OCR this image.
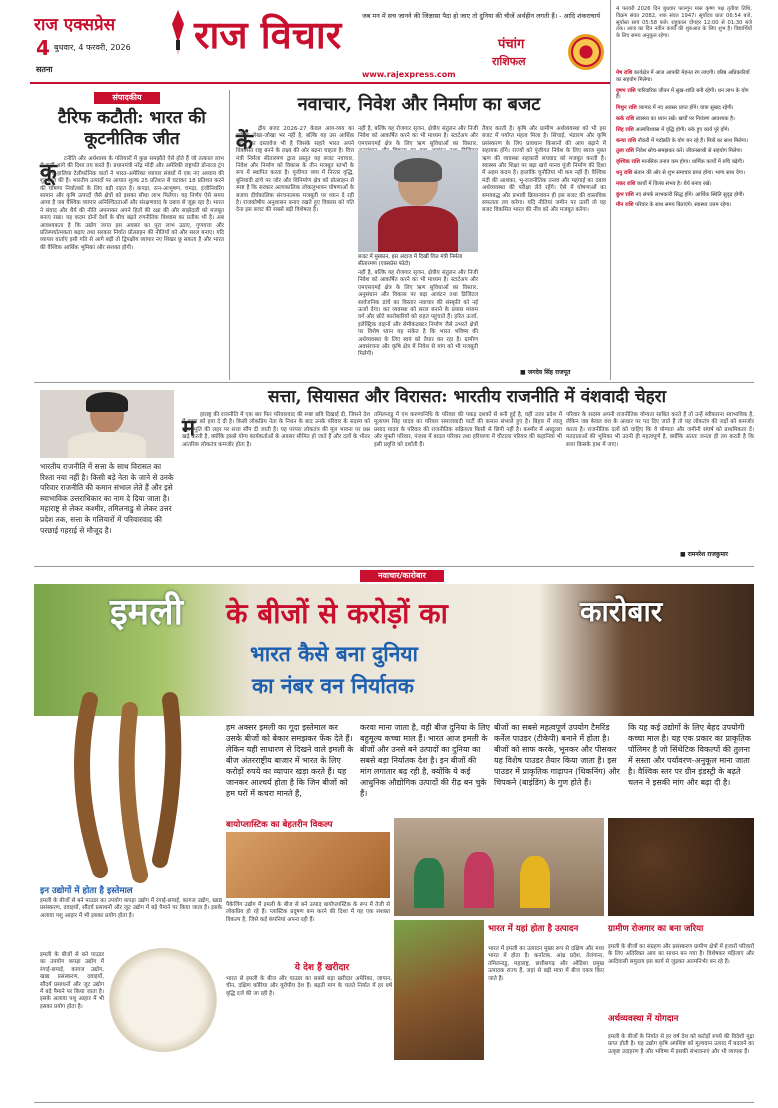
राज एक्सप्रेस
4 बुधवार, 4 फरवरी, 2026
सतना
राज विचार	जब मन में सच जानने की जिज्ञासा पैदा हो जाए तो दुनिया की चीजें अर्थहीन लगती हैं। - आदि शंकराचार्य
www.rajexpress.com
पंचांग
राशिफल
संपादकीय
टैरिफ कटौती: भारत की कूटनीतिक जीत
कू	टनीति और अर्थशास्त्र के गलियारों में कुछ समझौते ऐसे होते हैं जो तत्काल लाभ से कहीं आगे की दिशा तय करते हैं। प्रधानमंत्री नरेंद्र मोदी और अमेरिकी राष्ट्रपति डोनाल्ड ट्रंप के बीच हालिया टेलीफोनिक वार्ता ने भारत-अमेरिका व्यापार संबंधों में एक नए अध्याय की शुरुआत की है। भारतीय उत्पादों पर आयात शुल्क 25 प्रतिशत से घटाकर 18 प्रतिशत करने की घोषणा निर्यातकों के लिए बड़ी राहत है। कपड़ा, रत्न-आभूषण, चमड़ा, इंजीनियरिंग सामान और कृषि उत्पादों जैसे क्षेत्रों को इसका सीधा लाभ मिलेगा। यह निर्णय ऐसे समय आया है जब वैश्विक व्यापार अनिश्चितताओं और संरक्षणवाद के दबाव से जूझ रहा है। भारत ने संवाद और धैर्य की नीति अपनाकर अपने हितों की रक्षा की और साझेदारी को मजबूत बनाए रखा। यह कदम दोनों देशों के बीच बढ़ते रणनीतिक विश्वास का प्रतीक भी है। अब आवश्यकता है कि उद्योग जगत इस अवसर का पूरा लाभ उठाए, गुणवत्ता और प्रतिस्पर्धात्मकता बढ़ाए तथा सरकार निर्यात प्रोत्साहन की नीतियों को और सरल बनाए। यदि व्यापार वार्ताएं इसी गति से आगे बढ़ीं तो द्विपक्षीय व्यापार नए शिखर छू सकता है और भारत की वैश्विक आर्थिक भूमिका और सशक्त होगी।
नवाचार, निवेश और निर्माण का बजट
कें द्रीय बजट 2026-27 केवल आय-व्यय का वार्षिक लेखा-जोखा भर नहीं है, बल्कि यह उस आर्थिक दर्शन का दस्तावेज भी है जिसके सहारे भारत अपने विकसित राष्ट्र बनने के लक्ष्य की ओर बढ़ना चाहता है। वित्त मंत्री निर्मला सीतारमण द्वारा प्रस्तुत यह बजट नवाचार, निवेश और निर्माण को विकास के तीन मजबूत स्तंभों के रूप में स्थापित करता है। पूंजीगत व्यय में निरंतर वृद्धि, बुनियादी ढांचे पर जोर और विनिर्माण क्षेत्र को प्रोत्साहन से स्पष्ट है कि सरकार अल्पकालिक लोकलुभावन घोषणाओं के बजाय दीर्घकालिक संरचनात्मक मजबूती पर ध्यान दे रही है। राजकोषीय अनुशासन बनाए रखते हुए विकास को गति देना इस बजट की सबसे बड़ी विशेषता है।
नहीं है, बल्कि यह रोजगार सृजन, क्षेत्रीय संतुलन और निजी निवेश को आकर्षित करने का भी माध्यम है। स्टार्टअप और एमएसएमई क्षेत्र के लिए ऋण सुविधाओं का विस्तार,
बजट में मुस्कान, इस अंदाज में दिखीं वित्त मंत्री निर्मला सीतारमण (एक्सप्रेस फोटो)
नहीं है, बल्कि यह रोजगार सृजन, क्षेत्रीय संतुलन और निजी निवेश को आकर्षित करने का भी माध्यम है। स्टार्टअप और एमएसएमई क्षेत्र के लिए ऋण सुविधाओं का विस्तार, अनुसंधान और विकास पर बढ़ा आवंटन तथा डिजिटल सार्वजनिक ढांचे का विस्तार नवाचार की संस्कृति को नई ऊर्जा देगा। कर व्यवस्था को सरल बनाने के प्रयास मध्यम वर्ग और छोटे कारोबारियों को राहत पहुंचाते हैं। हरित ऊर्जा, इलेक्ट्रिक वाहनों और सेमीकंडक्टर निर्माण जैसे उभरते क्षेत्रों पर विशेष ध्यान यह संकेत है कि भारत भविष्य की अर्थव्यवस्था के लिए स्वयं को तैयार कर रहा है। ग्रामीण अवसंरचना और कृषि क्षेत्र में निवेश से मांग को भी मजबूती मिलेगी।
तैयार करती है। कृषि और ग्रामीण अर्थव्यवस्था को भी इस बजट में पर्याप्त महत्व मिला है। सिंचाई, भंडारण और कृषि प्रसंस्करण के लिए प्रावधान किसानों की आय बढ़ाने में सहायक होंगे। राज्यों को पूंजीगत निवेश के लिए ब्याज मुक्त ऋण की व्यवस्था सहकारी संघवाद को मजबूत करती है। स्वास्थ्य और शिक्षा पर बढ़ा खर्च मानव पूंजी निर्माण की दिशा में अहम कदम है। हालांकि चुनौतियां भी कम नहीं हैं। वैश्विक मंदी की आशंका, भू-राजनीतिक तनाव और महंगाई का दबाव अर्थव्यवस्था की परीक्षा लेते रहेंगे। ऐसे में घोषणाओं का समयबद्ध और प्रभावी क्रियान्वयन ही इस बजट की वास्तविक सफलता तय करेगा। यदि नीतियां जमीन पर उतरीं तो यह बजट विकसित भारत की नींव को और मजबूत करेगा।
■ जगदेव सिंह राजपूत
4 फरवरी 2026 दिन बुधवार फाल्गुन मास कृष्ण पक्ष तृतीया तिथि, विक्रम संवत 2082, शक संवत 1947। सूर्योदय प्रातः 06:54 बजे, सूर्यास्त सायं 05:58 बजे। राहुकाल दोपहर 12:00 से 01:30 बजे तक। आज का दिन नवीन कार्यों की शुरुआत के लिए शुभ है। विद्यार्थियों के लिए समय अनुकूल रहेगा।
मेष राशि कार्यक्षेत्र में आज आपकी मेहनत रंग लाएगी। वरिष्ठ अधिकारियों का सहयोग मिलेगा।
वृषभ राशि पारिवारिक जीवन में सुख-शांति बनी रहेगी। धन लाभ के योग हैं।
मिथुन राशि व्यापार में नए अवसर प्राप्त होंगे। यात्रा सुखद रहेगी।
कर्क राशि स्वास्थ्य का ध्यान रखें। खर्चों पर नियंत्रण आवश्यक है।
सिंह राशि आत्मविश्वास में वृद्धि होगी। रुके हुए कार्य पूरे होंगे।
कन्या राशि नौकरी में पदोन्नति के योग बन रहे हैं। मित्रों का साथ मिलेगा।
तुला राशि निवेश सोच-समझकर करें। जीवनसाथी से सहयोग मिलेगा।
वृश्चिक राशि मानसिक तनाव कम होगा। धार्मिक कार्यों में रुचि बढ़ेगी।
धनु राशि संतान की ओर से शुभ समाचार प्राप्त होगा। भाग्य साथ देगा।
मकर राशि कार्यों में विलंब संभव है। धैर्य बनाए रखें।
कुंभ राशि नए संपर्क लाभकारी सिद्ध होंगे। आर्थिक स्थिति सुदृढ़ होगी।
मीन राशि परिवार के साथ समय बिताएंगे। स्वास्थ्य उत्तम रहेगा।
सत्ता, सियासत और विरासत: भारतीय राजनीति में वंशवादी चेहरा
भारतीय राजनीति में सत्ता के साथ विरासत का रिश्ता नया नहीं है। किसी बड़े नेता के जाने से उनके परिवार राजनीति की कमान संभाल लेते हैं और इसे स्वाभाविक उत्तराधिकार का नाम दे दिया जाता है। महाराष्ट्र से लेकर कश्मीर, तमिलनाडु से लेकर उत्तर प्रदेश तक, सत्ता के गलियारों में परिवारवाद की परछाई गहराई से मौजूद है।
म हाराष्ट्र की राजनीति में एक बार फिर परिवारवाद की स्पष्ट छवि दिखाई दी, जिसने देश में बहस को हवा दे दी है। किसी लोकप्रिय नेता के निधन के बाद उनके परिवार के सदस्य को सहानुभूति की लहर पर सत्ता सौंप दी जाती है। यह परंपरा लोकतंत्र की मूल भावना पर प्रश्न खड़े करती है, क्योंकि इससे योग्य कार्यकर्ताओं के अवसर सीमित हो जाते हैं और दलों के भीतर आंतरिक लोकतंत्र कमजोर होता है।
तमिलनाडु में एम करुणानिधि के परिवार की पकड़ दशकों से बनी हुई है, वहीं उत्तर प्रदेश में मुलायम सिंह यादव का परिवार समाजवादी पार्टी की कमान संभाले हुए है। बिहार में लालू प्रसाद यादव के परिवार की राजनीतिक सक्रियता किसी से छिपी नहीं है। कश्मीर में अब्दुल्ला और मुफ्ती परिवार, पंजाब में बादल परिवार तथा हरियाणा में चौटाला परिवार की कहानियां भी इसी प्रवृत्ति को दर्शाती हैं।
परिवार के सदस्य अपनी राजनीतिक योग्यता साबित करते हैं तो उन्हें स्वीकारना स्वाभाविक है, लेकिन जब केवल वंश के आधार पर पद दिए जाते हैं तो यह लोकतंत्र की जड़ों को कमजोर करता है। राजनीतिक दलों को चाहिए कि वे योग्यता और जमीनी संघर्ष को प्राथमिकता दें। मतदाताओं की भूमिका भी उतनी ही महत्वपूर्ण है, क्योंकि अंततः जनता ही तय करती है कि सत्ता किसके हाथ में जाए।
■ रामनरेश राजकुमार
नवाचार/कारोबार
इमली के बीजों से करोड़ों का	कारोबार
भारत कैसे बना दुनिया
का नंबर वन निर्यातक
हम अक्सर इमली का गूदा इस्तेमाल कर उसके बीजों को बेकार समझकर फेंक देते हैं। लेकिन यही साधारण से दिखने वाले इमली के बीज अंतरराष्ट्रीय बाजार में भारत के लिए करोड़ों रुपये का व्यापार खड़ा करते हैं। यह जानकर आश्चर्य होता है कि जिन बीजों को हम घरों में कचरा मानते हैं,
करवा माना जाता है, वही बीज दुनिया के लिए बहुमूल्य कच्चा माल हैं। भारत आज इमली के बीजों और उनसे बने उत्पादों का दुनिया का सबसे बड़ा निर्यातक देश है। इन बीजों की मांग लगातार बढ़ रही है, क्योंकि ये कई आधुनिक औद्योगिक उत्पादों की रीढ़ बन चुके हैं।
बीजों का सबसे महत्वपूर्ण उपयोग टैमरिंड कर्नेल पाउडर (टीकेपी) बनाने में होता है। बीजों को साफ करके, भूनकर और पीसकर यह विशेष पाउडर तैयार किया जाता है। इस पाउडर में प्राकृतिक गाढ़ापन (थिकनिंग) और चिपकने (बाइंडिंग) के गुण होते हैं।
कि यह कई उद्योगों के लिए बेहद उपयोगी कच्चा माल है। यह एक प्रकार का प्राकृतिक पॉलिमर है जो सिंथेटिक विकल्पों की तुलना में सस्ता और पर्यावरण-अनुकूल माना जाता है। वैश्विक स्तर पर ग्रीन इंडस्ट्री के बढ़ते चलन ने इसकी मांग और बढ़ा दी है।
बायोप्लास्टिक का बेहतरीन विकल्प
पैकेजिंग उद्योग में इमली के बीज से बने उत्पाद बायोप्लास्टिक के रूप में तेजी से लोकप्रिय हो रहे हैं। प्लास्टिक प्रदूषण कम करने की दिशा में यह एक सशक्त विकल्प है, जिसे कई कंपनियां अपना रही हैं।
इन उद्योगों में होता है इस्तेमाल
इमली के बीजों से बने पाउडर का उपयोग कपड़ा उद्योग में रंगाई-छपाई, कागज उद्योग, खाद्य प्रसंस्करण, दवाइयों, सौंदर्य प्रसाधनों और जूट उद्योग में बड़े पैमाने पर किया जाता है। इसके अलावा पशु आहार में भी इसका प्रयोग होता है।
इमली के बीजों से बने पाउडर का उपयोग कपड़ा उद्योग में रंगाई-छपाई, कागज उद्योग, खाद्य प्रसंस्करण, दवाइयों, सौंदर्य प्रसाधनों और जूट उद्योग में बड़े पैमाने पर किया जाता है। इसके अलावा पशु आहार में भी इसका प्रयोग होता है।
ये देश हैं खरीदार
भारत से इमली के बीज और पाउडर का सबसे बड़ा खरीदार अमेरिका, जापान, चीन, दक्षिण कोरिया और यूरोपीय देश हैं। बढ़ती मांग के चलते निर्यात में हर वर्ष वृद्धि दर्ज की जा रही है।
भारत में यहां होता है उत्पादन
भारत में इमली का उत्पादन मुख्य रूप से दक्षिण और मध्य भारत में होता है। कर्नाटक, आंध्र प्रदेश, तेलंगाना, तमिलनाडु, महाराष्ट्र, छत्तीसगढ़ और ओडिशा प्रमुख उत्पादक राज्य हैं, जहां से बड़ी मात्रा में बीज एकत्र किए जाते हैं।
ग्रामीण रोजगार का बना जरिया
इमली के बीजों का संग्रहण और प्रसंस्करण ग्रामीण क्षेत्रों में हजारों परिवारों के लिए अतिरिक्त आय का साधन बन गया है। विशेषकर महिलाएं और आदिवासी समुदाय इस कार्य से जुड़कर आत्मनिर्भर बन रहे हैं।
अर्थव्यवस्था में योगदान
इमली के बीजों के निर्यात से हर वर्ष देश को करोड़ों रुपये की विदेशी मुद्रा प्राप्त होती है। यह उद्योग कृषि अपशिष्ट को मूल्यवान उत्पाद में बदलने का उत्कृष्ट उदाहरण है और भविष्य में इसकी संभावनाएं और भी व्यापक हैं।
